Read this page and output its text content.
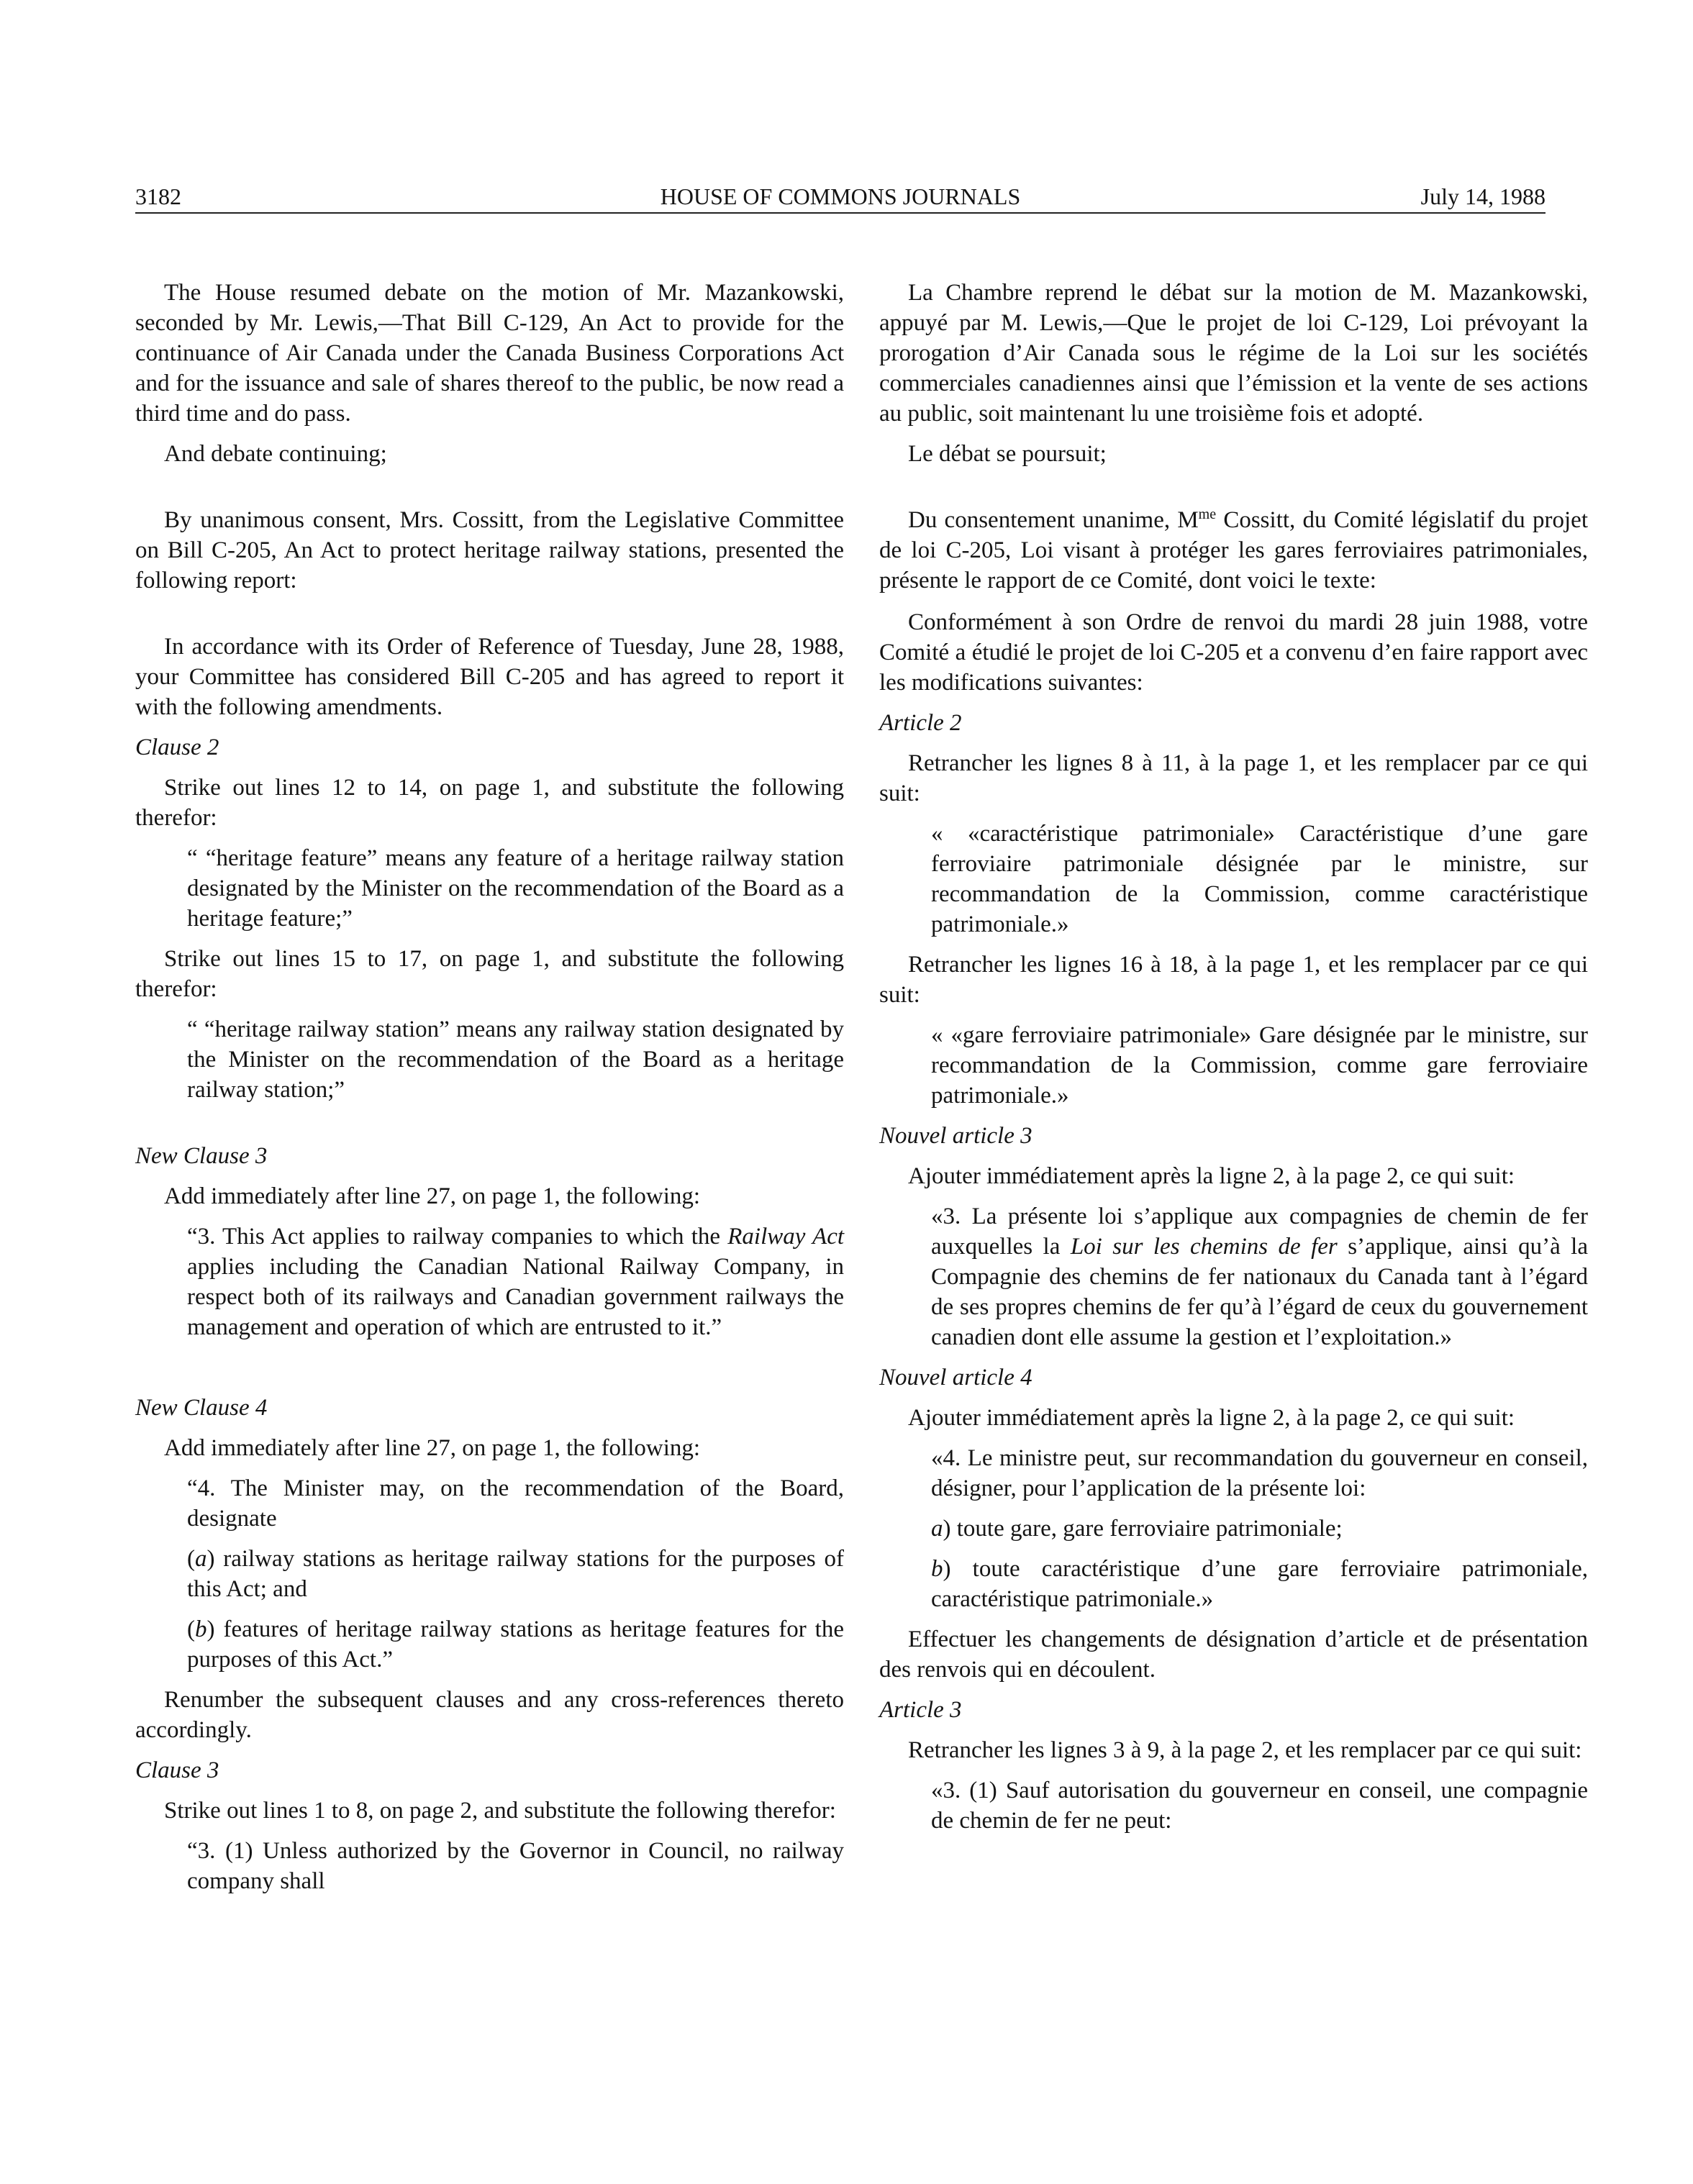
3182	HOUSE OF COMMONS JOURNALS	July 14, 1988

The House resumed debate on the motion of Mr. Mazankowski, seconded by Mr. Lewis,—That Bill C-129, An Act to provide for the continuance of Air Canada under the Canada Business Corporations Act and for the issuance and sale of shares thereof to the public, be now read a third time and do pass.

And debate continuing;

By unanimous consent, Mrs. Cossitt, from the Legislative Committee on Bill C-205, An Act to protect heritage railway stations, presented the following report:

In accordance with its Order of Reference of Tuesday, June 28, 1988, your Committee has considered Bill C-205 and has agreed to report it with the following amendments.

Clause 2

Strike out lines 12 to 14, on page 1, and substitute the following therefor:

“ “heritage feature” means any feature of a heritage railway station designated by the Minister on the recommendation of the Board as a heritage feature;”

Strike out lines 15 to 17, on page 1, and substitute the following therefor:

“ “heritage railway station” means any railway station designated by the Minister on the recommendation of the Board as a heritage railway station;”

New Clause 3

Add immediately after line 27, on page 1, the following:

“3. This Act applies to railway companies to which the Railway Act applies including the Canadian National Railway Company, in respect both of its railways and Canadian government railways the management and operation of which are entrusted to it.”

New Clause 4

Add immediately after line 27, on page 1, the following:

“4. The Minister may, on the recommendation of the Board, designate

(a) railway stations as heritage railway stations for the purposes of this Act; and

(b) features of heritage railway stations as heritage features for the purposes of this Act.”

Renumber the subsequent clauses and any cross-references thereto accordingly.

Clause 3

Strike out lines 1 to 8, on page 2, and substitute the following therefor:

“3. (1) Unless authorized by the Governor in Council, no railway company shall

La Chambre reprend le débat sur la motion de M. Mazankowski, appuyé par M. Lewis,—Que le projet de loi C-129, Loi prévoyant la prorogation d’Air Canada sous le régime de la Loi sur les sociétés commerciales canadiennes ainsi que l’émission et la vente de ses actions au public, soit maintenant lu une troisième fois et adopté.

Le débat se poursuit;

Du consentement unanime, $M^{me}$ Cossitt, du Comité législatif du projet de loi C-205, Loi visant à protéger les gares ferroviaires patrimoniales, présente le rapport de ce Comité, dont voici le texte:

Conformément à son Ordre de renvoi du mardi 28 juin 1988, votre Comité a étudié le projet de loi C-205 et a convenu d’en faire rapport avec les modifications suivantes:

Article 2

Retrancher les lignes 8 à 11, à la page 1, et les remplacer par ce qui suit:

« «caractéristique patrimoniale» Caractéristique d’une gare ferroviaire patrimoniale désignée par le ministre, sur recommandation de la Commission, comme caractéristique patrimoniale.»

Retrancher les lignes 16 à 18, à la page 1, et les remplacer par ce qui suit:

« «gare ferroviaire patrimoniale» Gare désignée par le ministre, sur recommandation de la Commission, comme gare ferroviaire patrimoniale.»

Nouvel article 3

Ajouter immédiatement après la ligne 2, à la page 2, ce qui suit:

«3. La présente loi s’applique aux compagnies de chemin de fer auxquelles la Loi sur les chemins de fer s’applique, ainsi qu’à la Compagnie des chemins de fer nationaux du Canada tant à l’égard de ses propres chemins de fer qu’à l’égard de ceux du gouvernement canadien dont elle assume la gestion et l’exploitation.»

Nouvel article 4

Ajouter immédiatement après la ligne 2, à la page 2, ce qui suit:

«4. Le ministre peut, sur recommandation du gouverneur en conseil, désigner, pour l’application de la présente loi:

a) toute gare, gare ferroviaire patrimoniale;

b) toute caractéristique d’une gare ferroviaire patrimoniale, caractéristique patrimoniale.»

Effectuer les changements de désignation d’article et de présentation des renvois qui en découlent.

Article 3

Retrancher les lignes 3 à 9, à la page 2, et les remplacer par ce qui suit:

«3. (1) Sauf autorisation du gouverneur en conseil, une compagnie de chemin de fer ne peut:
